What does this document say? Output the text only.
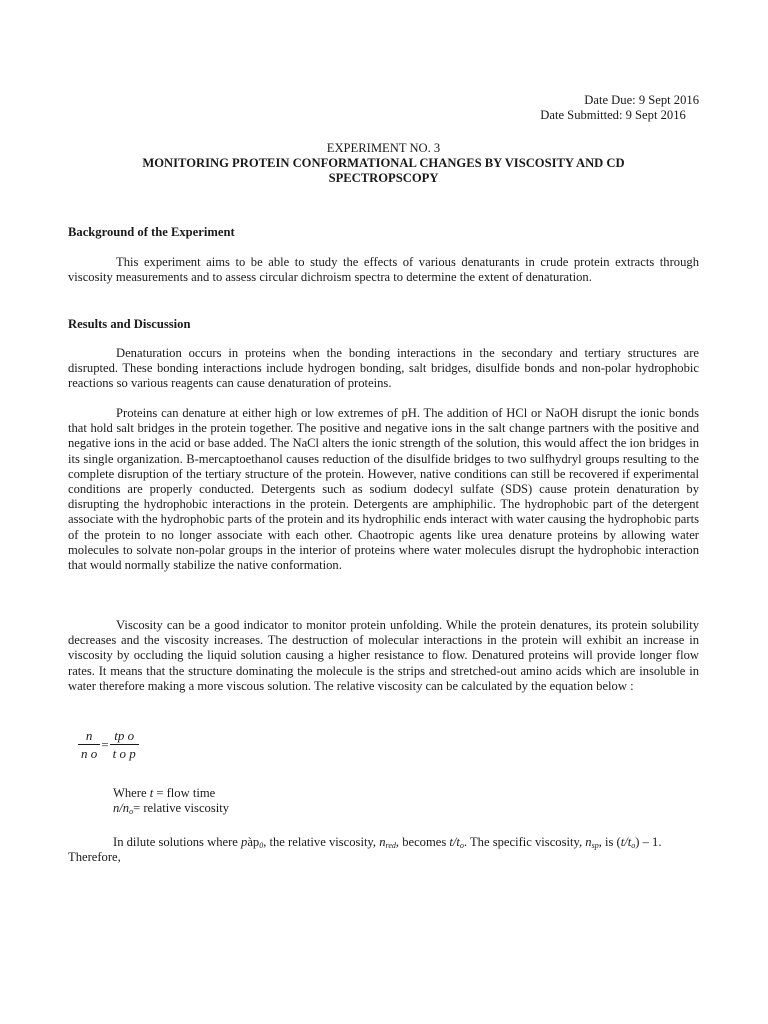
Date Due: 9 Sept 2016
Date Submitted: 9 Sept 2016
EXPERIMENT NO. 3
MONITORING PROTEIN CONFORMATIONAL CHANGES BY VISCOSITY AND CD
SPECTROPSCOPY
Background of the Experiment
This experiment aims to be able to study the effects of various denaturants in crude protein extracts through viscosity measurements and to assess circular dichroism spectra to determine the extent of denaturation.
Results and Discussion
Denaturation occurs in proteins when the bonding interactions in the secondary and tertiary structures are disrupted. These bonding interactions include hydrogen bonding, salt bridges, disulfide bonds and non-polar hydrophobic reactions so various reagents can cause denaturation of proteins.
Proteins can denature at either high or low extremes of pH. The addition of HCl or NaOH disrupt the ionic bonds that hold salt bridges in the protein together. The positive and negative ions in the salt change partners with the positive and negative ions in the acid or base added. The NaCl alters the ionic strength of the solution, this would affect the ion bridges in its single organization. Β-mercaptoethanol causes reduction of the disulfide bridges to two sulfhydryl groups resulting to the complete disruption of the tertiary structure of the protein. However, native conditions can still be recovered if experimental conditions are properly conducted. Detergents such as sodium dodecyl sulfate (SDS) cause protein denaturation by disrupting the hydrophobic interactions in the protein. Detergents are amphiphilic. The hydrophobic part of the detergent associate with the hydrophobic parts of the protein and its hydrophilic ends interact with water causing the hydrophobic parts of the protein to no longer associate with each other. Chaotropic agents like urea denature proteins by allowing water molecules to solvate non-polar groups in the interior of proteins where water molecules disrupt the hydrophobic interaction that would normally stabilize the native conformation.
Viscosity can be a good indicator to monitor protein unfolding. While the protein denatures, its protein solubility decreases and the viscosity increases. The destruction of molecular interactions in the protein will exhibit an increase in viscosity by occluding the liquid solution causing a higher resistance to flow. Denatured proteins will provide longer flow rates. It means that the structure dominating the molecule is the strips and stretched-out amino acids which are insoluble in water therefore making a more viscous solution. The relative viscosity can be calculated by the equation below :
$\frac{n}{\text{n o}} = \frac{\text{tp o}}{\text{t o p}}$
Where t = flow time
$n/n_o=$ relative viscosity
In dilute solutions where pàp$_0$, the relative viscosity, $n_{red}$, becomes $t/t_o$. The specific viscosity, $n_{sp}$, is $(t/t_o) - 1$. Therefore,
